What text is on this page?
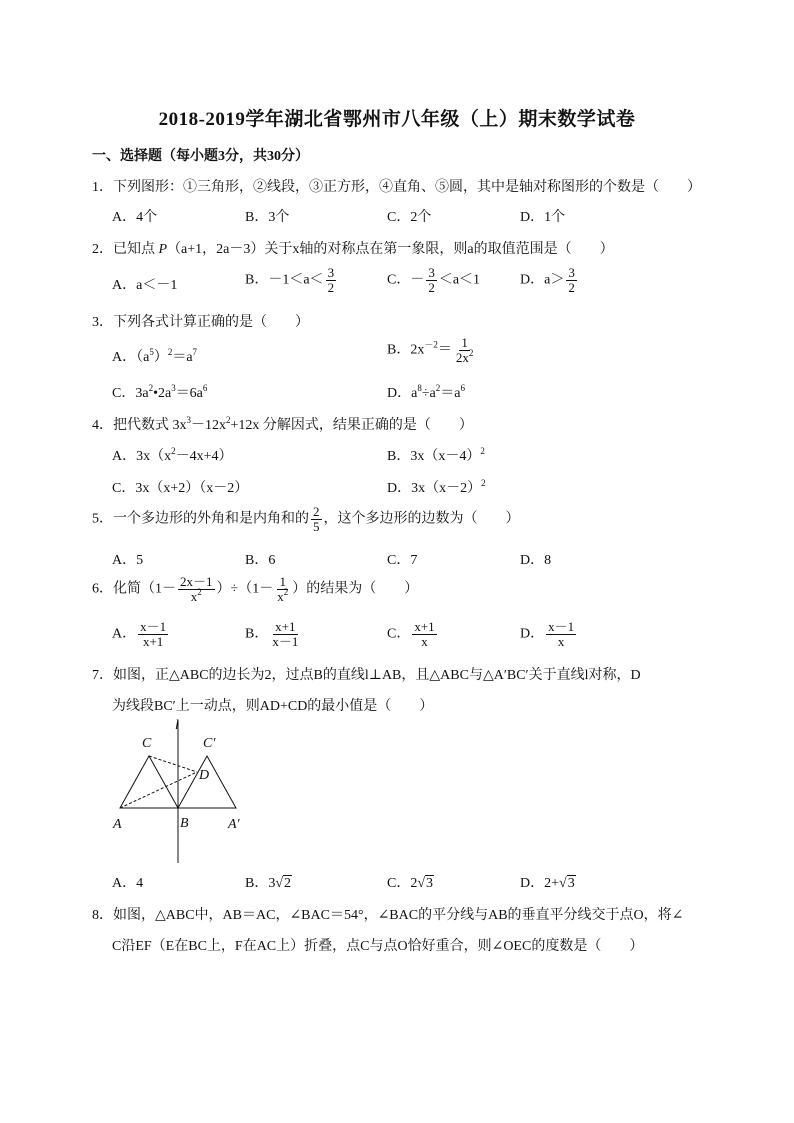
2018-2019学年湖北省鄂州市八年级（上）期末数学试卷
一、选择题（每小题3分，共30分）
1．下列图形：①三角形，②线段，③正方形，④直角、⑤圆，其中是轴对称图形的个数是（　　）
A．4个	B．3个	C．2个	D．1个
2．已知点 P（a+1，2a－3）关于x轴的对称点在第一象限，则a的取值范围是（　　）
A．a＜－1	B．$-1<a< \frac{3}{2}$	C．－ $\frac{3}{2} <a<1$	D．$a> \frac{3}{2}$
3．下列各式计算正确的是（　　）
A．$(a^5)^2=a^7$	B．$2x^{-2}= \frac{1}{2x^2}$
C．$3a^2•2a^3=6a^6$	D．$a^8\div a^2=a^6$
4．把代数式 $3x^3-12x^2+12x$ 分解因式，结果正确的是（　　）
A．$3x(x^2-4x+4)$	B．$3x(x-4)^2$
C．3x（x+2）（x－2）	D．$3x(x-2)^2$
5．一个多边形的外角和是内角和的 $\frac{2}{5}$ ，这个多边形的边数为（　　）
A．5	B．6	C．7	D．8
6．化简$(1- \frac{2x-1}{x^2} )\div(1- \frac{1}{x^2}$ ）的结果为（　　）
A． $\frac{x-1}{x+1}$	B． $\frac{x+1}{x-1}$	C． $\frac{x+1}{x}$	D． $\frac{x-1}{x}$
7．如图，正△ABC的边长为2，过点B的直线l⊥AB，且△ABC与△A′BC′关于直线l对称，D
为线段BC′上一动点，则AD+CD的最小值是（　　）
l
C	C′
D
A	B	A′
A．4	B．3√2	C．2√3	D．2+√3
8．如图，△ABC中，AB＝AC，∠BAC＝54°，∠BAC的平分线与AB的垂直平分线交于点O，将∠
C沿EF（E在BC上，F在AC上）折叠，点C与点O恰好重合，则∠OEC的度数是（　　）
